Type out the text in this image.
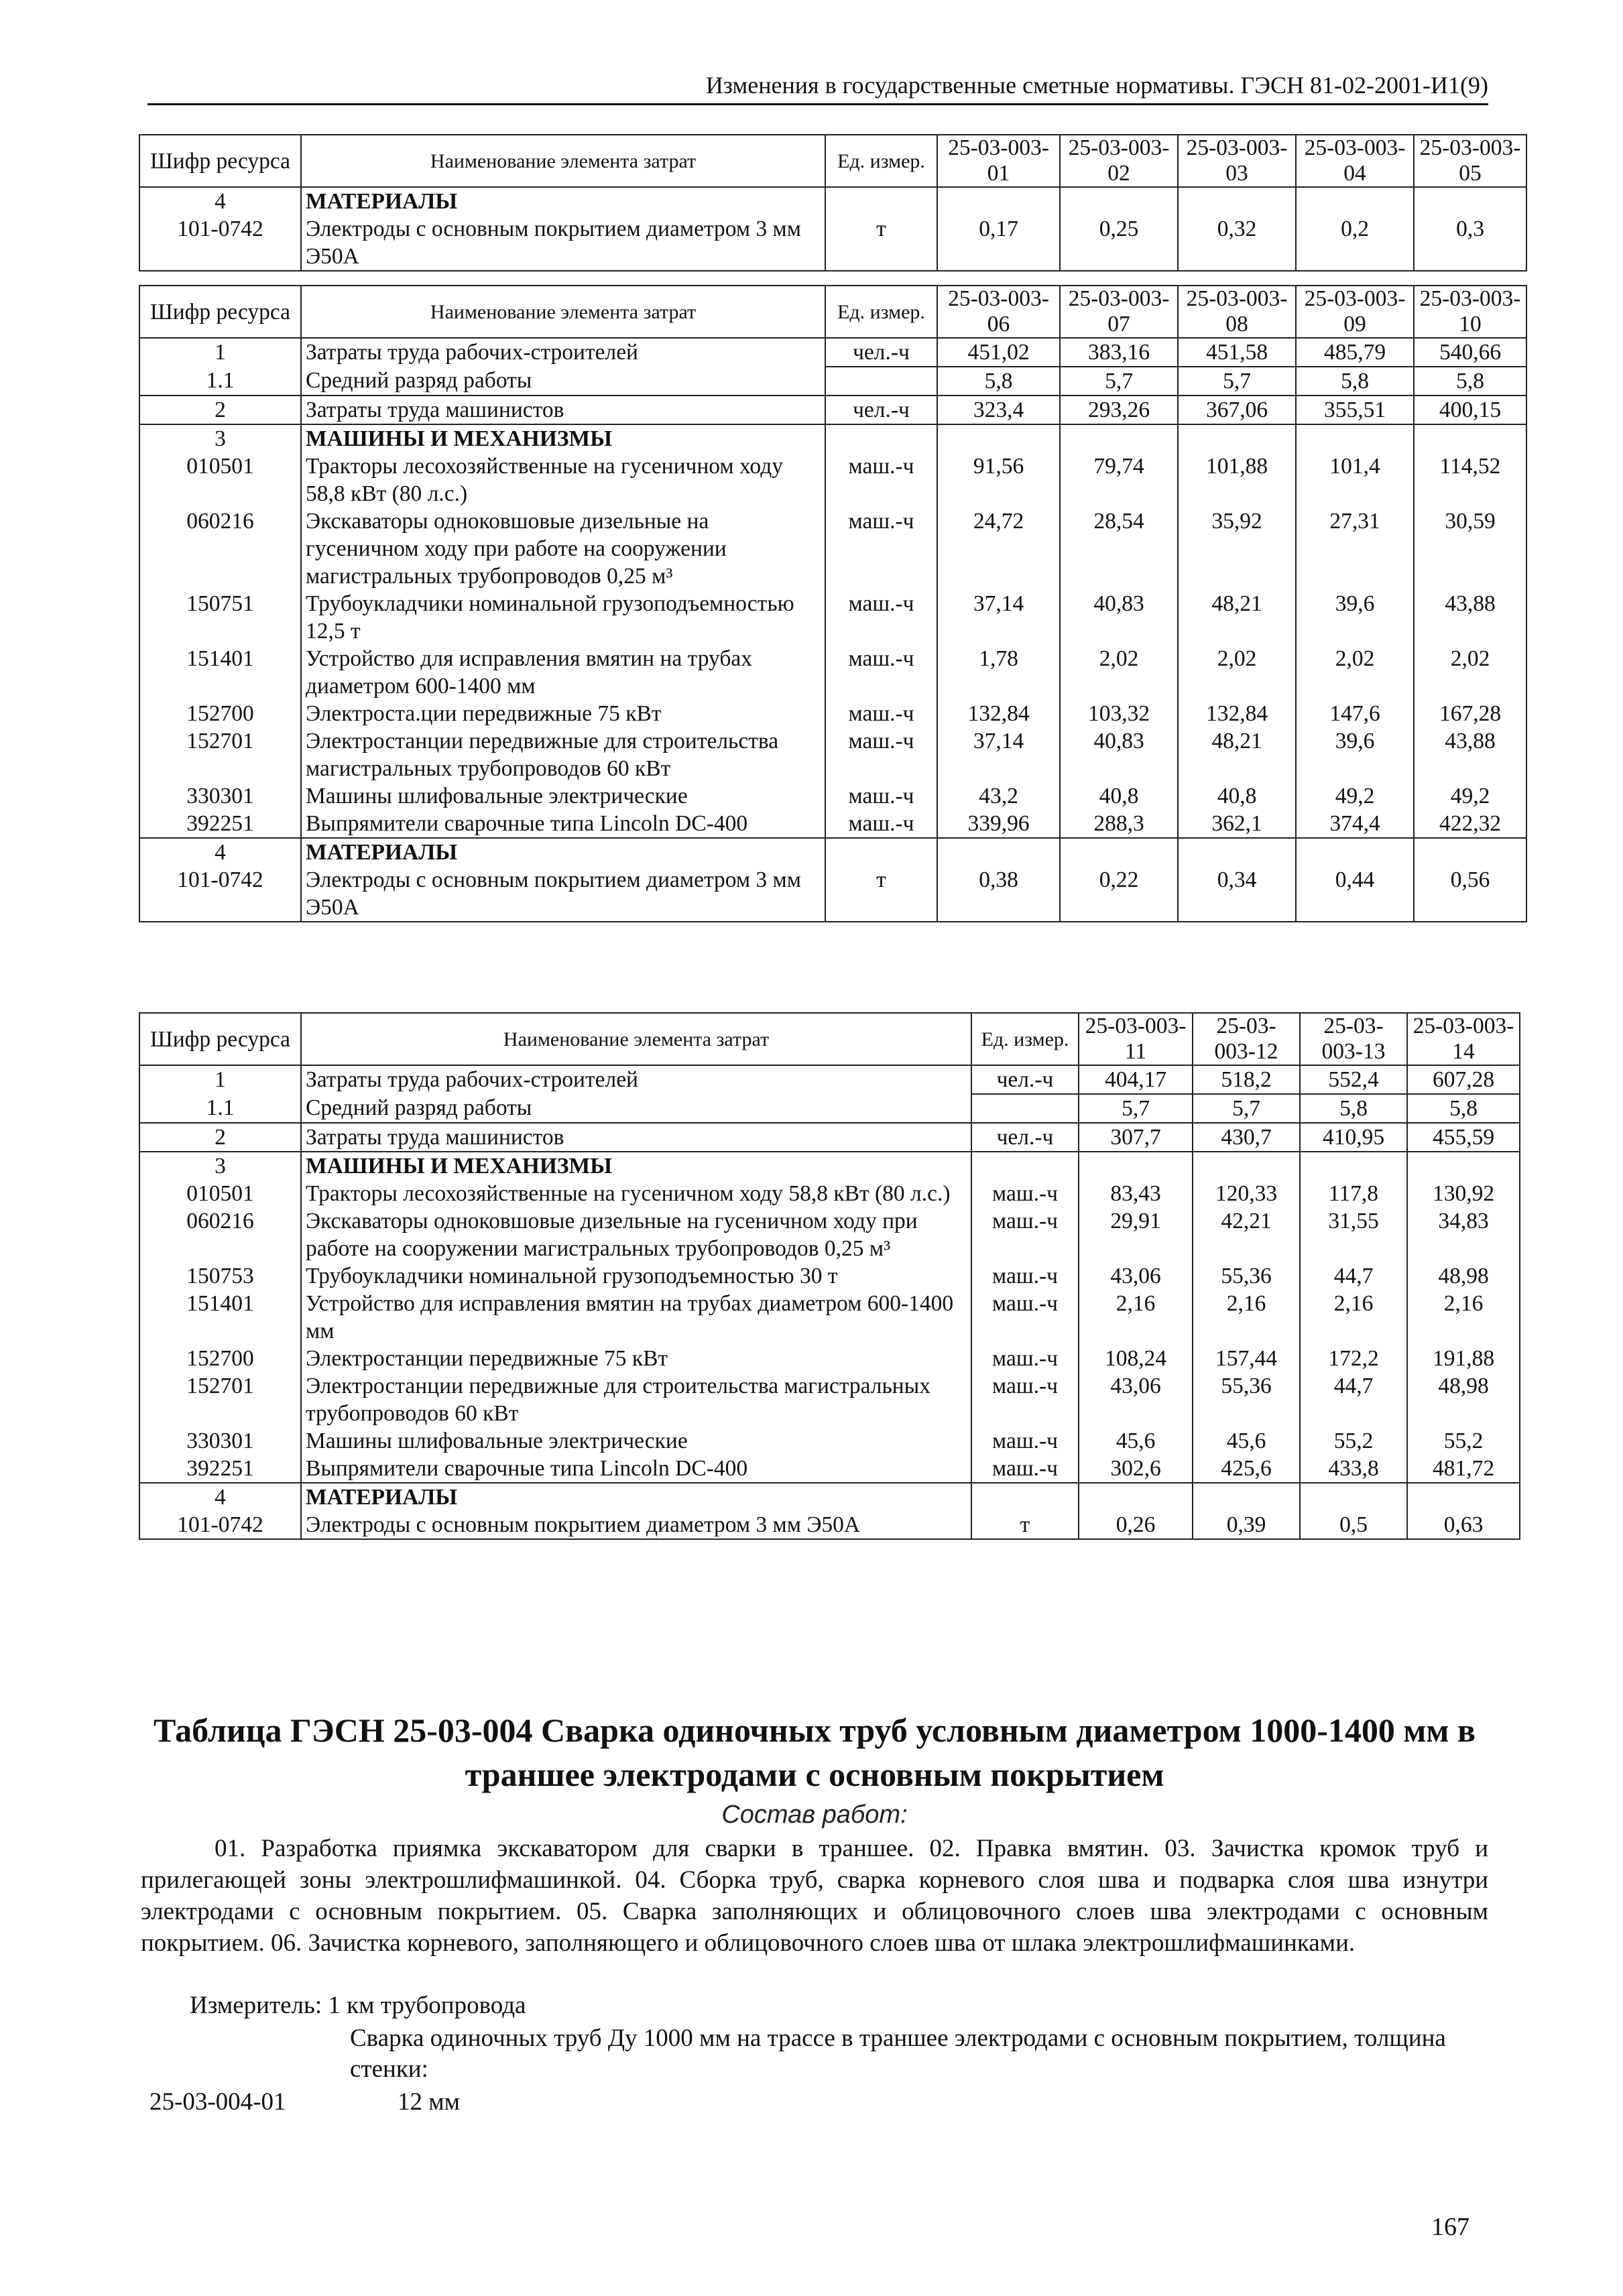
Изменения в государственные сметные нормативы. ГЭСН 81-02-2001-И1(9)
Шифр ресурса	Наименование элемента затрат	Ед. измер.	25-03-003-01	25-03-003-02	25-03-003-03	25-03-003-04	25-03-003-05
4	МАТЕРИАЛЫ						
101-0742	Электроды с основным покрытием диаметром 3 мм Э50А	т	0,17	0,25	0,32	0,2	0,3
Шифр ресурса	Наименование элемента затрат	Ед. измер.	25-03-003-06	25-03-003-07	25-03-003-08	25-03-003-09	25-03-003-10
1	Затраты труда рабочих-строителей	чел.-ч	451,02	383,16	451,58	485,79	540,66
1.1	Средний разряд работы		5,8	5,7	5,7	5,8	5,8
2	Затраты труда машинистов	чел.-ч	323,4	293,26	367,06	355,51	400,15
3	МАШИНЫ И МЕХАНИЗМЫ						
010501	Тракторы лесохозяйственные на гусеничном ходу 58,8 кВт (80 л.с.)	маш.-ч	91,56	79,74	101,88	101,4	114,52
060216	Экскаваторы одноковшовые дизельные на гусеничном ходу при работе на сооружении магистральных трубопроводов 0,25 м³	маш.-ч	24,72	28,54	35,92	27,31	30,59
150751	Трубоукладчики номинальной грузоподъемностью 12,5 т	маш.-ч	37,14	40,83	48,21	39,6	43,88
151401	Устройство для исправления вмятин на трубах диаметром 600-1400 мм	маш.-ч	1,78	2,02	2,02	2,02	2,02
152700	Электроста.ции передвижные 75 кВт	маш.-ч	132,84	103,32	132,84	147,6	167,28
152701	Электростанции передвижные для строительства магистральных трубопроводов 60 кВт	маш.-ч	37,14	40,83	48,21	39,6	43,88
330301	Машины шлифовальные электрические	маш.-ч	43,2	40,8	40,8	49,2	49,2
392251	Выпрямители сварочные типа Lincoln DC-400	маш.-ч	339,96	288,3	362,1	374,4	422,32
4	МАТЕРИАЛЫ						
101-0742	Электроды с основным покрытием диаметром 3 мм Э50А	т	0,38	0,22	0,34	0,44	0,56
Шифр ресурса	Наименование элемента затрат	Ед. измер.	25-03-003-11	25-03-003-12	25-03-003-13	25-03-003-14
1	Затраты труда рабочих-строителей	чел.-ч	404,17	518,2	552,4	607,28
1.1	Средний разряд работы		5,7	5,7	5,8	5,8
2	Затраты труда машинистов	чел.-ч	307,7	430,7	410,95	455,59
3	МАШИНЫ И МЕХАНИЗМЫ					
010501	Тракторы лесохозяйственные на гусеничном ходу 58,8 кВт (80 л.с.)	маш.-ч	83,43	120,33	117,8	130,92
060216	Экскаваторы одноковшовые дизельные на гусеничном ходу при работе на сооружении магистральных трубопроводов 0,25 м³	маш.-ч	29,91	42,21	31,55	34,83
150753	Трубоукладчики номинальной грузоподъемностью 30 т	маш.-ч	43,06	55,36	44,7	48,98
151401	Устройство для исправления вмятин на трубах диаметром 600-1400 мм	маш.-ч	2,16	2,16	2,16	2,16
152700	Электростанции передвижные 75 кВт	маш.-ч	108,24	157,44	172,2	191,88
152701	Электростанции передвижные для строительства магистральных трубопроводов 60 кВт	маш.-ч	43,06	55,36	44,7	48,98
330301	Машины шлифовальные электрические	маш.-ч	45,6	45,6	55,2	55,2
392251	Выпрямители сварочные типа Lincoln DC-400	маш.-ч	302,6	425,6	433,8	481,72
4	МАТЕРИАЛЫ					
101-0742	Электроды с основным покрытием диаметром 3 мм Э50А	т	0,26	0,39	0,5	0,63
Таблица ГЭСН 25-03-004 Сварка одиночных труб условным диаметром 1000-1400 мм в траншее электродами с основным покрытием
Состав работ:
01. Разработка приямка экскаватором для сварки в траншее. 02. Правка вмятин. 03. Зачистка кромок труб и прилегающей зоны электрошлифмашинкой. 04. Сборка труб, сварка корневого слоя шва и подварка слоя шва изнутри электродами с основным покрытием. 05. Сварка заполняющих и облицовочного слоев шва электродами с основным покрытием. 06. Зачистка корневого, заполняющего и облицовочного слоев шва от шлака электрошлифмашинками.
Измеритель: 1 км трубопровода
Сварка одиночных труб Ду 1000 мм на трассе в траншее электродами с основным покрытием, толщина стенки:
25-03-004-01	12 мм
167
